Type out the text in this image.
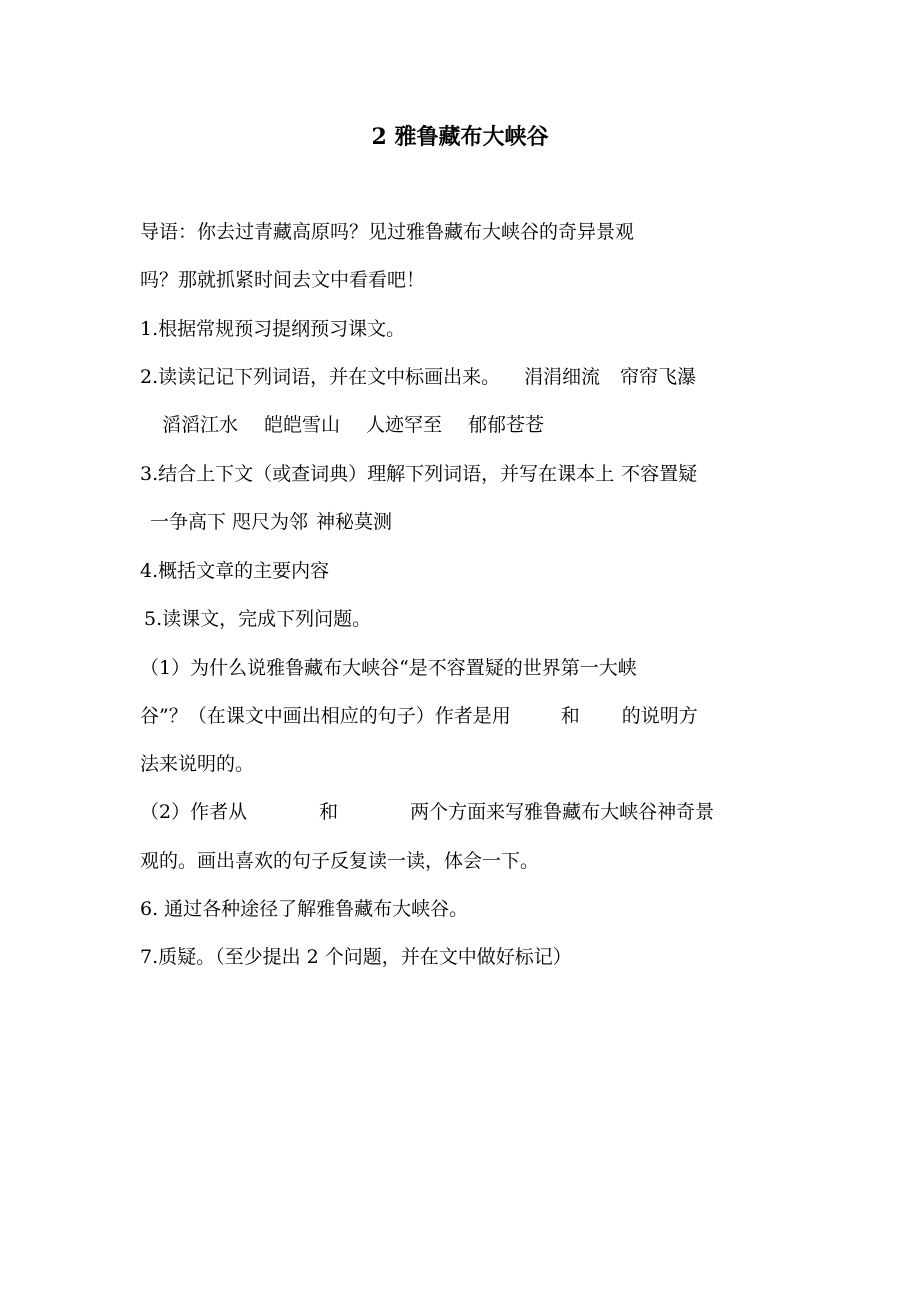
2 雅鲁藏布大峡谷
导语：你去过青藏高原吗？见过雅鲁藏布大峡谷的奇异景观
吗？那就抓紧时间去文中看看吧！
1.根据常规预习提纲预习课文。
2.读读记记下列词语，并在文中标画出来。 涓涓细流 帘帘飞瀑
滔滔江水 皑皑雪山 人迹罕至 郁郁苍苍
3.结合上下文（或查词典）理解下列词语，并写在课本上 不容置疑
一争高下 咫尺为邻 神秘莫测
4.概括文章的主要内容
5.读课文，完成下列问题。
（1）为什么说雅鲁藏布大峡谷“是不容置疑的世界第一大峡
谷”？（在课文中画出相应的句子）作者是用	和 的说明方
法来说明的。
（2）作者从	和	两个方面来写雅鲁藏布大峡谷神奇景
观的。画出喜欢的句子反复读一读，体会一下。
6. 通过各种途径了解雅鲁藏布大峡谷。
7.质疑。（至少提出 2 个问题，并在文中做好标记）
